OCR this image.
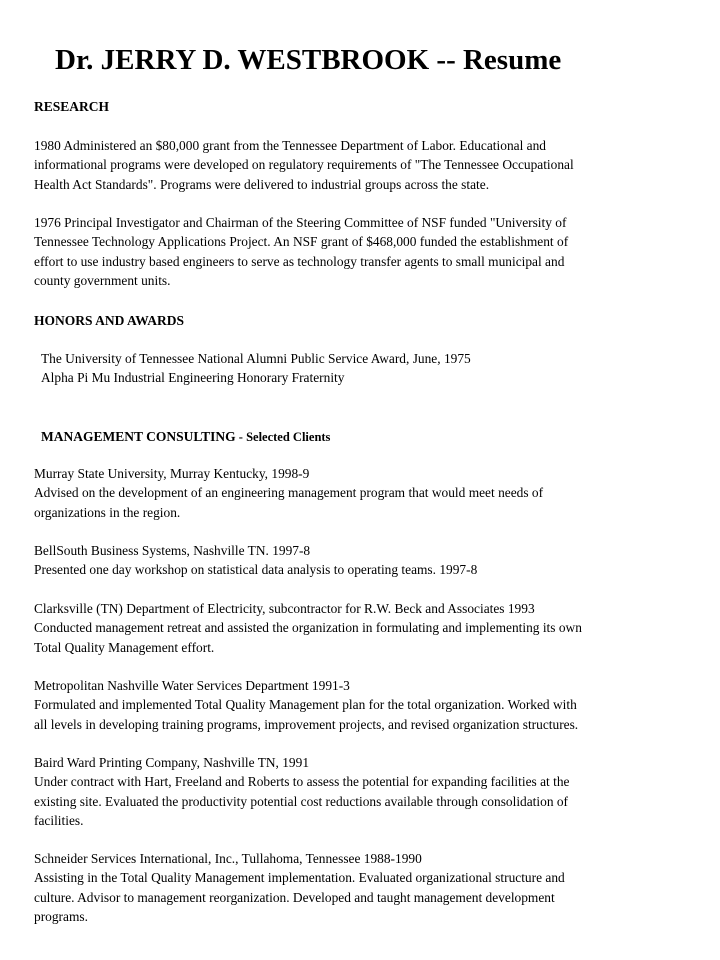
Dr. JERRY D. WESTBROOK -- Resume
RESEARCH
1980 Administered an $80,000 grant from the Tennessee Department of Labor. Educational and
informational programs were developed on regulatory requirements of "The Tennessee Occupational
Health Act Standards". Programs were delivered to industrial groups across the state.
1976 Principal Investigator and Chairman of the Steering Committee of NSF funded "University of
Tennessee Technology Applications Project. An NSF grant of $468,000 funded the establishment of
effort to use industry based engineers to serve as technology transfer agents to small municipal and
county government units.
HONORS AND AWARDS
The University of Tennessee National Alumni Public Service Award, June, 1975
Alpha Pi Mu Industrial Engineering Honorary Fraternity
MANAGEMENT CONSULTING - Selected Clients
Murray State University, Murray Kentucky, 1998-9
Advised on the development of an engineering management program that would meet needs of
organizations in the region.
BellSouth Business Systems, Nashville TN. 1997-8
Presented one day workshop on statistical data analysis to operating teams. 1997-8
Clarksville (TN) Department of Electricity, subcontractor for R.W. Beck and Associates 1993
Conducted management retreat and assisted the organization in formulating and implementing its own
Total Quality Management effort.
Metropolitan Nashville Water Services Department 1991-3
Formulated and implemented Total Quality Management plan for the total organization. Worked with
all levels in developing training programs, improvement projects, and revised organization structures.
Baird Ward Printing Company, Nashville TN, 1991
Under contract with Hart, Freeland and Roberts to assess the potential for expanding facilities at the
existing site. Evaluated the productivity potential cost reductions available through consolidation of
facilities.
Schneider Services International, Inc., Tullahoma, Tennessee 1988-1990
Assisting in the Total Quality Management implementation. Evaluated organizational structure and
culture. Advisor to management reorganization. Developed and taught management development
programs.
